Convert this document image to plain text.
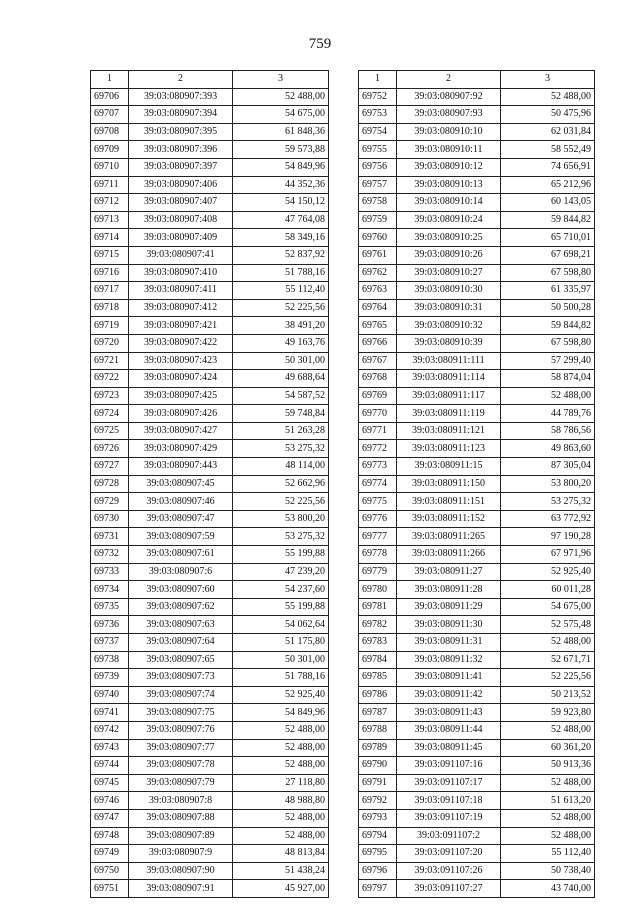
759
1	2	3
69706	39:03:080907:393	52 488,00
69707	39:03:080907:394	54 675,00
69708	39:03:080907:395	61 848,36
69709	39:03:080907:396	59 573,88
69710	39:03:080907:397	54 849,96
69711	39:03:080907:406	44 352,36
69712	39:03:080907:407	54 150,12
69713	39:03:080907:408	47 764,08
69714	39:03:080907:409	58 349,16
69715	39:03:080907:41	52 837,92
69716	39:03:080907:410	51 788,16
69717	39:03:080907:411	55 112,40
69718	39:03:080907:412	52 225,56
69719	39:03:080907:421	38 491,20
69720	39:03:080907:422	49 163,76
69721	39:03:080907:423	50 301,00
69722	39:03:080907:424	49 688,64
69723	39:03:080907:425	54 587,52
69724	39:03:080907:426	59 748,84
69725	39:03:080907:427	51 263,28
69726	39:03:080907:429	53 275,32
69727	39:03:080907:443	48 114,00
69728	39:03:080907:45	52 662,96
69729	39:03:080907:46	52 225,56
69730	39:03:080907:47	53 800,20
69731	39:03:080907:59	53 275,32
69732	39:03:080907:61	55 199,88
69733	39:03:080907:6	47 239,20
69734	39:03:080907:60	54 237,60
69735	39:03:080907:62	55 199,88
69736	39:03:080907:63	54 062,64
69737	39:03:080907:64	51 175,80
69738	39:03:080907:65	50 301,00
69739	39:03:080907:73	51 788,16
69740	39:03:080907:74	52 925,40
69741	39:03:080907:75	54 849,96
69742	39:03:080907:76	52 488,00
69743	39:03:080907:77	52 488,00
69744	39:03:080907:78	52 488,00
69745	39:03:080907:79	27 118,80
69746	39:03:080907:8	48 988,80
69747	39:03:080907:88	52 488,00
69748	39:03:080907:89	52 488,00
69749	39:03:080907:9	48 813,84
69750	39:03:080907:90	51 438,24
69751	39:03:080907:91	45 927,00
1	2	3
69752	39:03:080907:92	52 488,00
69753	39:03:080907:93	50 475,96
69754	39:03:080910:10	62 031,84
69755	39:03:080910:11	58 552,49
69756	39:03:080910:12	74 656,91
69757	39:03:080910:13	65 212,96
69758	39:03:080910:14	60 143,05
69759	39:03:080910:24	59 844,82
69760	39:03:080910:25	65 710,01
69761	39:03:080910:26	67 698,21
69762	39:03:080910:27	67 598,80
69763	39:03:080910:30	61 335,97
69764	39:03:080910:31	50 500,28
69765	39:03:080910:32	59 844,82
69766	39:03:080910:39	67 598,80
69767	39:03:080911:111	57 299,40
69768	39:03:080911:114	58 874,04
69769	39:03:080911:117	52 488,00
69770	39:03:080911:119	44 789,76
69771	39:03:080911:121	58 786,56
69772	39:03:080911:123	49 863,60
69773	39:03:080911:15	87 305,04
69774	39:03:080911:150	53 800,20
69775	39:03:080911:151	53 275,32
69776	39:03:080911:152	63 772,92
69777	39:03:080911:265	97 190,28
69778	39:03:080911:266	67 971,96
69779	39:03:080911:27	52 925,40
69780	39:03:080911:28	60 011,28
69781	39:03:080911:29	54 675,00
69782	39:03:080911:30	52 575,48
69783	39:03:080911:31	52 488,00
69784	39:03:080911:32	52 671,71
69785	39:03:080911:41	52 225,56
69786	39:03:080911:42	50 213,52
69787	39:03:080911:43	59 923,80
69788	39:03:080911:44	52 488,00
69789	39:03:080911:45	60 361,20
69790	39:03:091107:16	50 913,36
69791	39:03:091107:17	52 488,00
69792	39:03:091107:18	51 613,20
69793	39:03:091107:19	52 488,00
69794	39:03:091107:2	52 488,00
69795	39:03:091107:20	55 112,40
69796	39:03:091107:26	50 738,40
69797	39:03:091107:27	43 740,00
